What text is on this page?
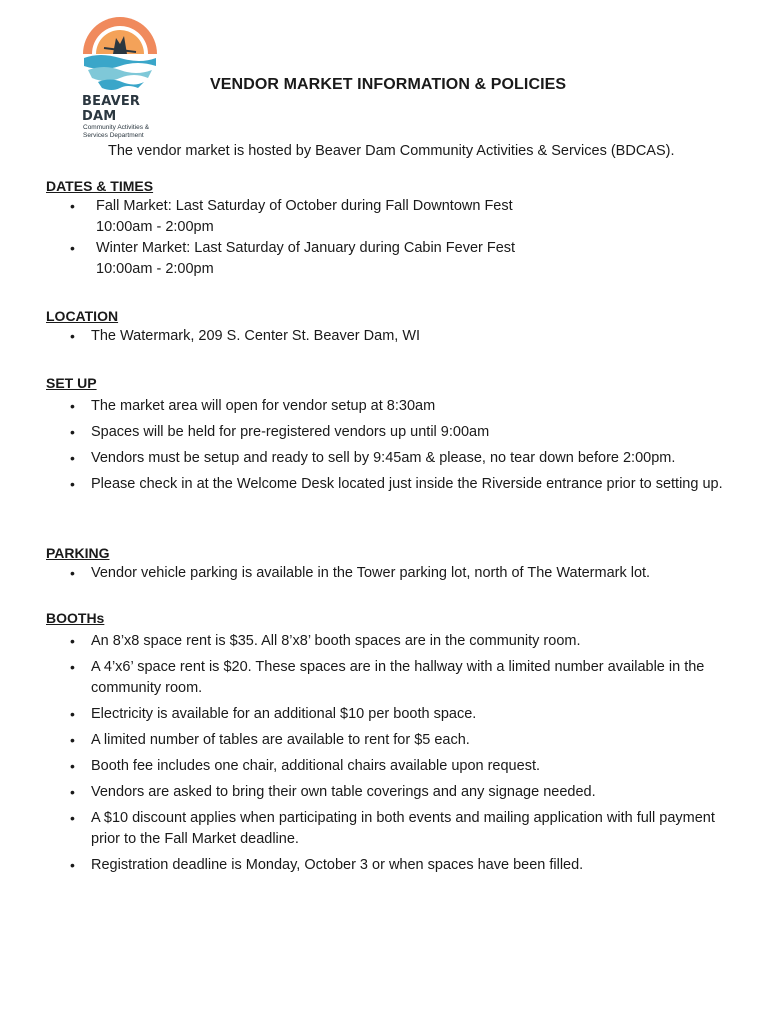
BEAVER DAM
Community Activities &
Services Department
VENDOR MARKET INFORMATION & POLICIES
The vendor market is hosted by Beaver Dam Community Activities & Services (BDCAS).
DATES & TIMES
• Fall Market: Last Saturday of October during Fall Downtown Fest
10:00am - 2:00pm
• Winter Market: Last Saturday of January during Cabin Fever Fest
10:00am - 2:00pm
LOCATION
• The Watermark, 209 S. Center St. Beaver Dam, WI
SET UP
• The market area will open for vendor setup at 8:30am
• Spaces will be held for pre-registered vendors up until 9:00am
• Vendors must be setup and ready to sell by 9:45am & please, no tear down before 2:00pm.
• Please check in at the Welcome Desk located just inside the Riverside entrance prior to setting up.
PARKING
• Vendor vehicle parking is available in the Tower parking lot, north of The Watermark lot.
BOOTHs
• An 8’x8 space rent is $35. All 8’x8’ booth spaces are in the community room.
• A 4’x6’ space rent is $20. These spaces are in the hallway with a limited number available in the community room.
• Electricity is available for an additional $10 per booth space.
• A limited number of tables are available to rent for $5 each.
• Booth fee includes one chair, additional chairs available upon request.
• Vendors are asked to bring their own table coverings and any signage needed.
• A $10 discount applies when participating in both events and mailing application with full payment prior to the Fall Market deadline.
• Registration deadline is Monday, October 3 or when spaces have been filled.
